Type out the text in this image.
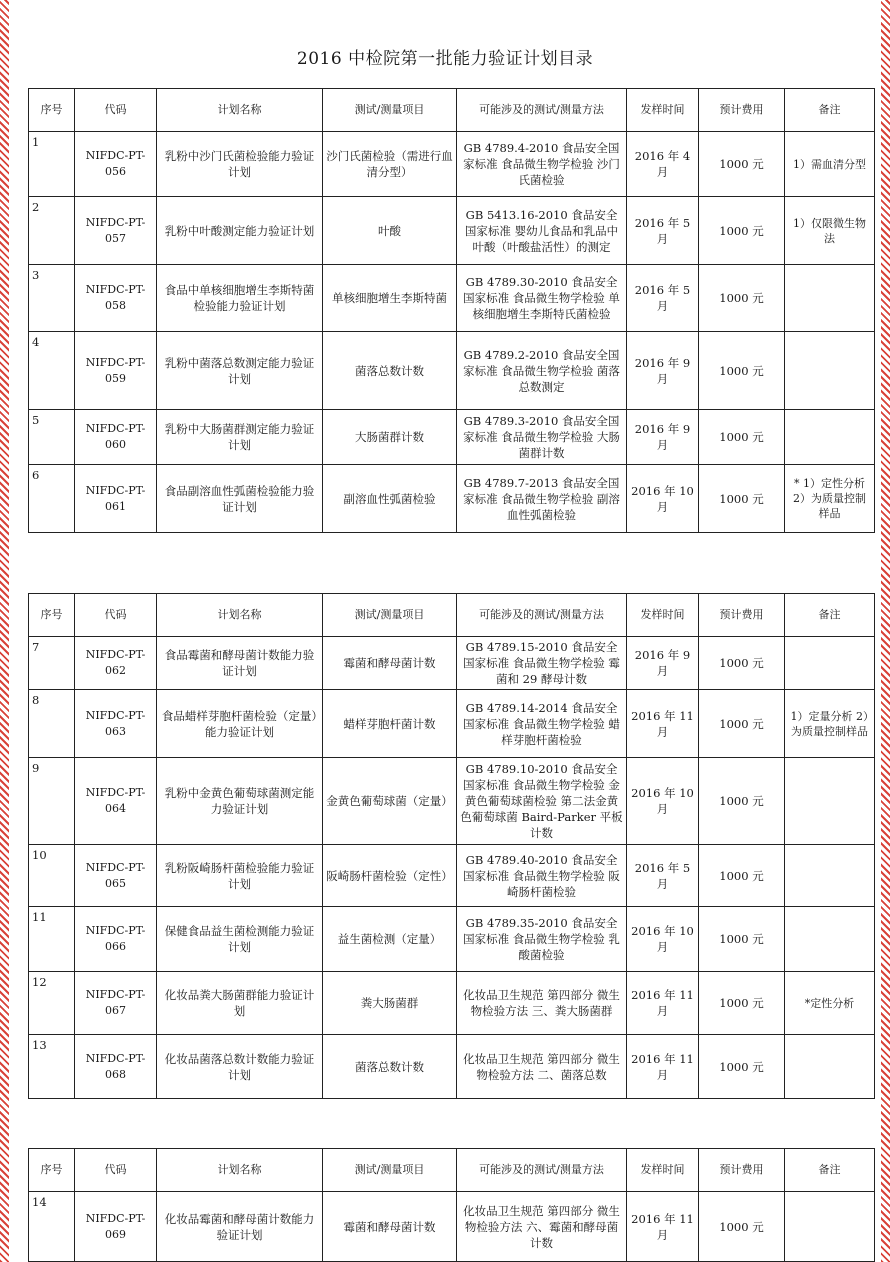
2016 中检院第一批能力验证计划目录
序号	代码	计划名称	测试/测量项目	可能涉及的测试/测量方法	发样时间	预计费用	备注
1	NIFDC-PT-056	乳粉中沙门氏菌检验能力验证计划	沙门氏菌检验（需进行血清分型）	GB 4789.4-2010 食品安全国家标准 食品微生物学检验 沙门氏菌检验	2016 年 4 月	1000 元	1）需血清分型
2	NIFDC-PT-057	乳粉中叶酸测定能力验证计划	叶酸	GB 5413.16-2010 食品安全国家标准 婴幼儿食品和乳品中叶酸（叶酸盐活性）的测定	2016 年 5 月	1000 元	1）仅限微生物法
3	NIFDC-PT-058	食品中单核细胞增生李斯特菌检验能力验证计划	单核细胞增生李斯特菌	GB 4789.30-2010 食品安全国家标准 食品微生物学检验 单核细胞增生李斯特氏菌检验	2016 年 5 月	1000 元	
4	NIFDC-PT-059	乳粉中菌落总数测定能力验证计划	菌落总数计数	GB 4789.2-2010 食品安全国家标准 食品微生物学检验 菌落总数测定	2016 年 9 月	1000 元	
5	NIFDC-PT-060	乳粉中大肠菌群测定能力验证计划	大肠菌群计数	GB 4789.3-2010 食品安全国家标准 食品微生物学检验 大肠菌群计数	2016 年 9 月	1000 元	
6	NIFDC-PT-061	食品副溶血性弧菌检验能力验证计划	副溶血性弧菌检验	GB 4789.7-2013 食品安全国家标准 食品微生物学检验 副溶血性弧菌检验	2016 年 10 月	1000 元	* 1）定性分析 2）为质量控制样品
序号	代码	计划名称	测试/测量项目	可能涉及的测试/测量方法	发样时间	预计费用	备注
7	NIFDC-PT-062	食品霉菌和酵母菌计数能力验证计划	霉菌和酵母菌计数	GB 4789.15-2010 食品安全国家标准 食品微生物学检验 霉菌和 29 酵母计数	2016 年 9 月	1000 元	
8	NIFDC-PT-063	食品蜡样芽胞杆菌检验（定量）能力验证计划	蜡样芽胞杆菌计数	GB 4789.14-2014 食品安全国家标准 食品微生物学检验 蜡样芽胞杆菌检验	2016 年 11 月	1000 元	1）定量分析 2）为质量控制样品
9	NIFDC-PT-064	乳粉中金黄色葡萄球菌测定能力验证计划	金黄色葡萄球菌（定量）	GB 4789.10-2010 食品安全国家标准 食品微生物学检验 金黄色葡萄球菌检验 第二法金黄色葡萄球菌 Baird-Parker 平板计数	2016 年 10 月	1000 元	
10	NIFDC-PT-065	乳粉阪崎肠杆菌检验能力验证计划	阪崎肠杆菌检验（定性）	GB 4789.40-2010 食品安全国家标准 食品微生物学检验 阪崎肠杆菌检验	2016 年 5 月	1000 元	
11	NIFDC-PT-066	保健食品益生菌检测能力验证计划	益生菌检测（定量）	GB 4789.35-2010 食品安全国家标准 食品微生物学检验 乳酸菌检验	2016 年 10 月	1000 元	
12	NIFDC-PT-067	化妆品粪大肠菌群能力验证计划	粪大肠菌群	化妆品卫生规范 第四部分 微生物检验方法 三、粪大肠菌群	2016 年 11 月	1000 元	*定性分析
13	NIFDC-PT-068	化妆品菌落总数计数能力验证计划	菌落总数计数	化妆品卫生规范 第四部分 微生物检验方法 二、菌落总数	2016 年 11 月	1000 元	
序号	代码	计划名称	测试/测量项目	可能涉及的测试/测量方法	发样时间	预计费用	备注
14	NIFDC-PT-069	化妆品霉菌和酵母菌计数能力验证计划	霉菌和酵母菌计数	化妆品卫生规范 第四部分 微生物检验方法 六、霉菌和酵母菌计数	2016 年 11 月	1000 元	
